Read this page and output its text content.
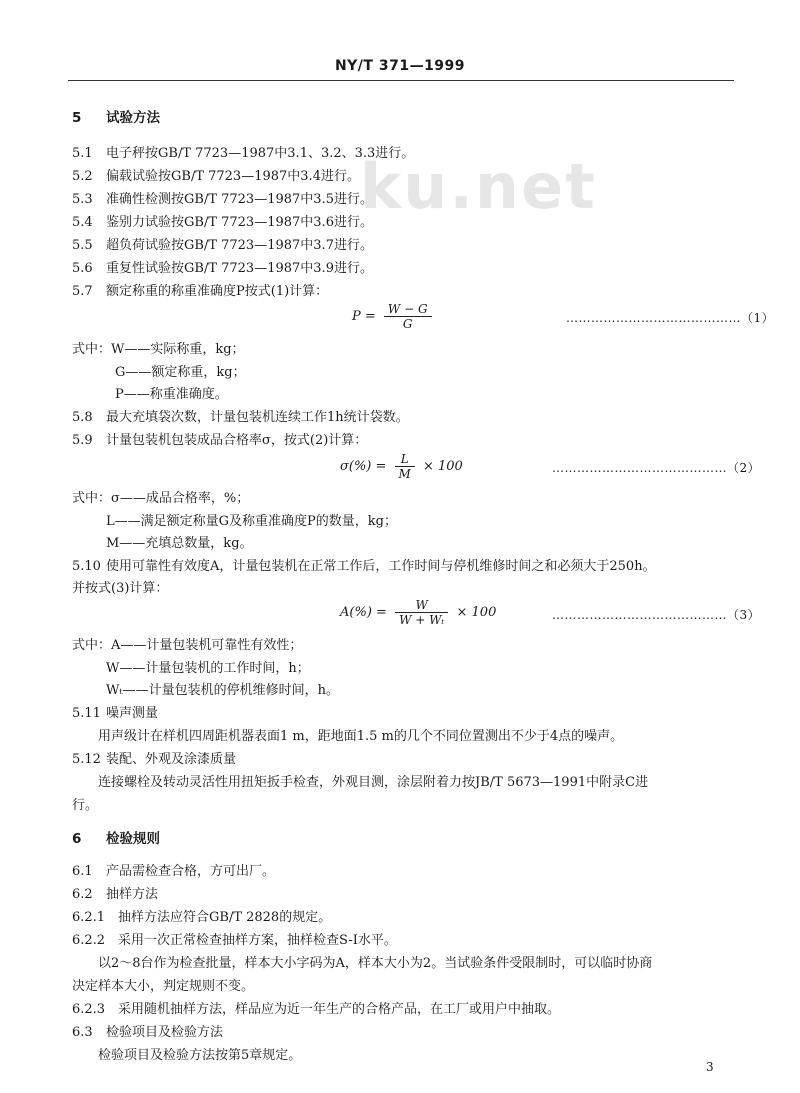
NY/T 371—1999
ku.net
5 试验方法
5.1 电子秤按GB/T 7723—1987中3.1、3.2、3.3进行。
5.2 偏载试验按GB/T 7723—1987中3.4进行。
5.3 准确性检测按GB/T 7723—1987中3.5进行。
5.4 鉴别力试验按GB/T 7723—1987中3.6进行。
5.5 超负荷试验按GB/T 7723—1987中3.7进行。
5.6 重复性试验按GB/T 7723—1987中3.9进行。
5.7 额定称重的称重准确度P按式(1)计算：
$P = \frac{W - G}{G}$	……………………………………（1）
式中：W——实际称重，kg；
G——额定称重，kg；
P——称重准确度。
5.8 最大充填袋次数，计量包装机连续工作1h统计袋数。
5.9 计量包装机包装成品合格率σ，按式(2)计算：
$\sigma(\%) = \frac{L}{M} \times 100$	……………………………………（2）
式中：σ——成品合格率，%；
L——满足额定称量G及称重准确度P的数量，kg；
M——充填总数量，kg。
5.10 使用可靠性有效度A，计量包装机在正常工作后，工作时间与停机维修时间之和必须大于250h。
并按式(3)计算：
$A(\%) = \frac{W}{\text{W + Wₜ}} \times 100$	……………………………………（3）
式中：A——计量包装机可靠性有效性；
W——计量包装机的工作时间，h；
Wₜ——计量包装机的停机维修时间，h。
5.11 噪声测量
用声级计在样机四周距机器表面1 m，距地面1.5 m的几个不同位置测出不少于4点的噪声。
5.12 装配、外观及涂漆质量
连接螺栓及转动灵活性用扭矩扳手检查，外观目测，涂层附着力按JB/T 5673—1991中附录C进
行。
6 检验规则
6.1 产品需检查合格，方可出厂。
6.2 抽样方法
6.2.1 抽样方法应符合GB/T 2828的规定。
6.2.2 采用一次正常检查抽样方案，抽样检查S-I水平。
以2～8台作为检查批量，样本大小字码为A，样本大小为2。当试验条件受限制时，可以临时协商
决定样本大小，判定规则不变。
6.2.3 采用随机抽样方法，样品应为近一年生产的合格产品，在工厂或用户中抽取。
6.3 检验项目及检验方法
检验项目及检验方法按第5章规定。
3
